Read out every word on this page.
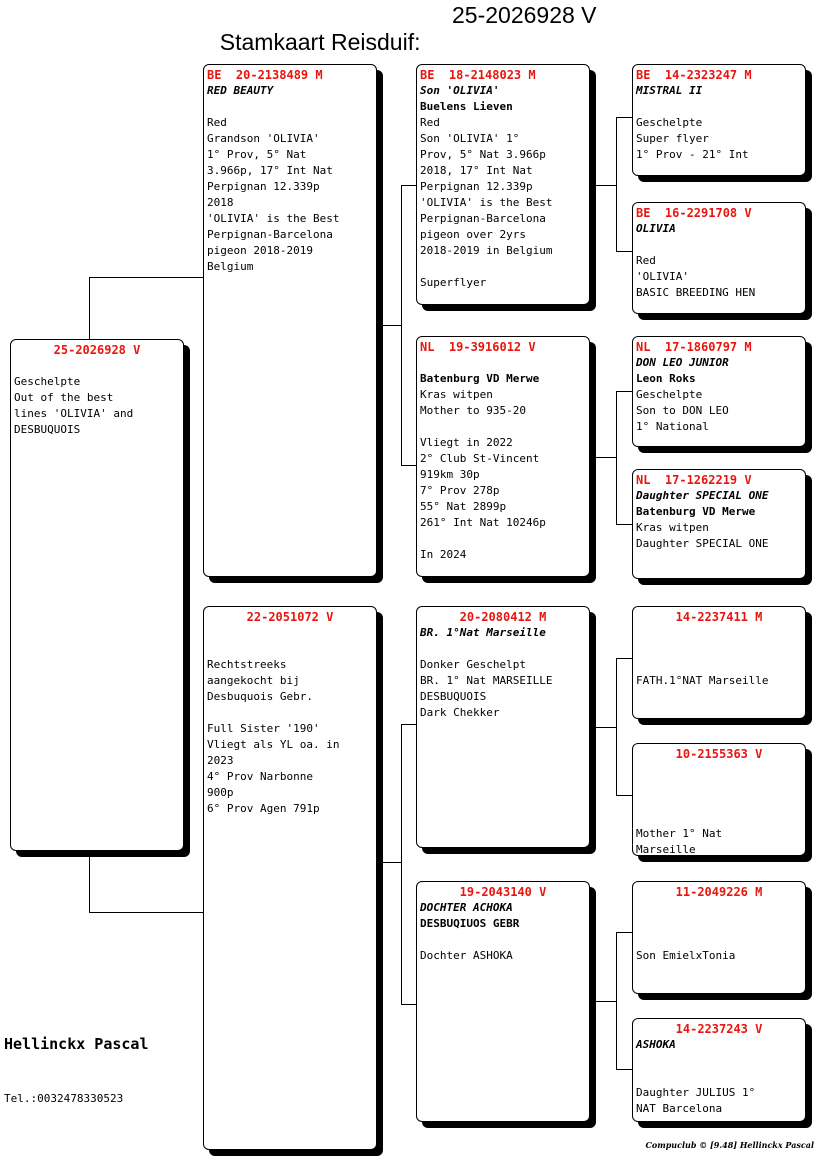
Stamkaart Reisduif:

25-2026928 V

25-2026928 V
Geschelpte
Out of the best
lines 'OLIVIA' and
DESBUQUOIS
BE  20-2138489 M
RED BEAUTY
Red
Grandson 'OLIVIA'
1° Prov, 5° Nat
3.966p, 17° Int Nat
Perpignan 12.339p
2018
'OLIVIA' is the Best
Perpignan-Barcelona
pigeon 2018-2019
Belgium
22-2051072 V
Rechtstreeks
aangekocht bij
Desbuquois Gebr.
Full Sister '190'
Vliegt als YL oa. in
2023
4° Prov Narbonne
900p
6° Prov Agen 791p
BE  18-2148023 M
Son 'OLIVIA'
Buelens Lieven
Red
Son 'OLIVIA' 1°
Prov, 5° Nat 3.966p
2018, 17° Int Nat
Perpignan 12.339p
'OLIVIA' is the Best
Perpignan-Barcelona
pigeon over 2yrs
2018-2019 in Belgium
Superflyer
NL  19-3916012 V
Batenburg VD Merwe
Kras witpen
Mother to 935-20
Vliegt in 2022
2° Club St-Vincent
919km 30p
7° Prov 278p
55° Nat 2899p
261° Int Nat 10246p
In 2024
20-2080412 M
BR. 1°Nat Marseille
Donker Geschelpt
BR. 1° Nat MARSEILLE
DESBUQUOIS
Dark Chekker
19-2043140 V
DOCHTER ACHOKA
DESBUQIUOS GEBR
Dochter ASHOKA
BE  14-2323247 M
MISTRAL II
Geschelpte
Super flyer
1° Prov - 21° Int
BE  16-2291708 V
OLIVIA
Red
'OLIVIA'
BASIC BREEDING HEN
NL  17-1860797 M
DON LEO JUNIOR
Leon Roks
Geschelpte
Son to DON LEO
1° National
NL  17-1262219 V
Daughter SPECIAL ONE
Batenburg VD Merwe
Kras witpen
Daughter SPECIAL ONE
14-2237411 M
FATH.1°NAT Marseille
10-2155363 V
Mother 1° Nat
Marseille
11-2049226 M
Son EmielxTonia
14-2237243 V
ASHOKA
Daughter JULIUS 1°
NAT Barcelona
Hellinckx Pascal
Tel.:0032478330523
Compuclub © [9.48] Hellinckx Pascal
